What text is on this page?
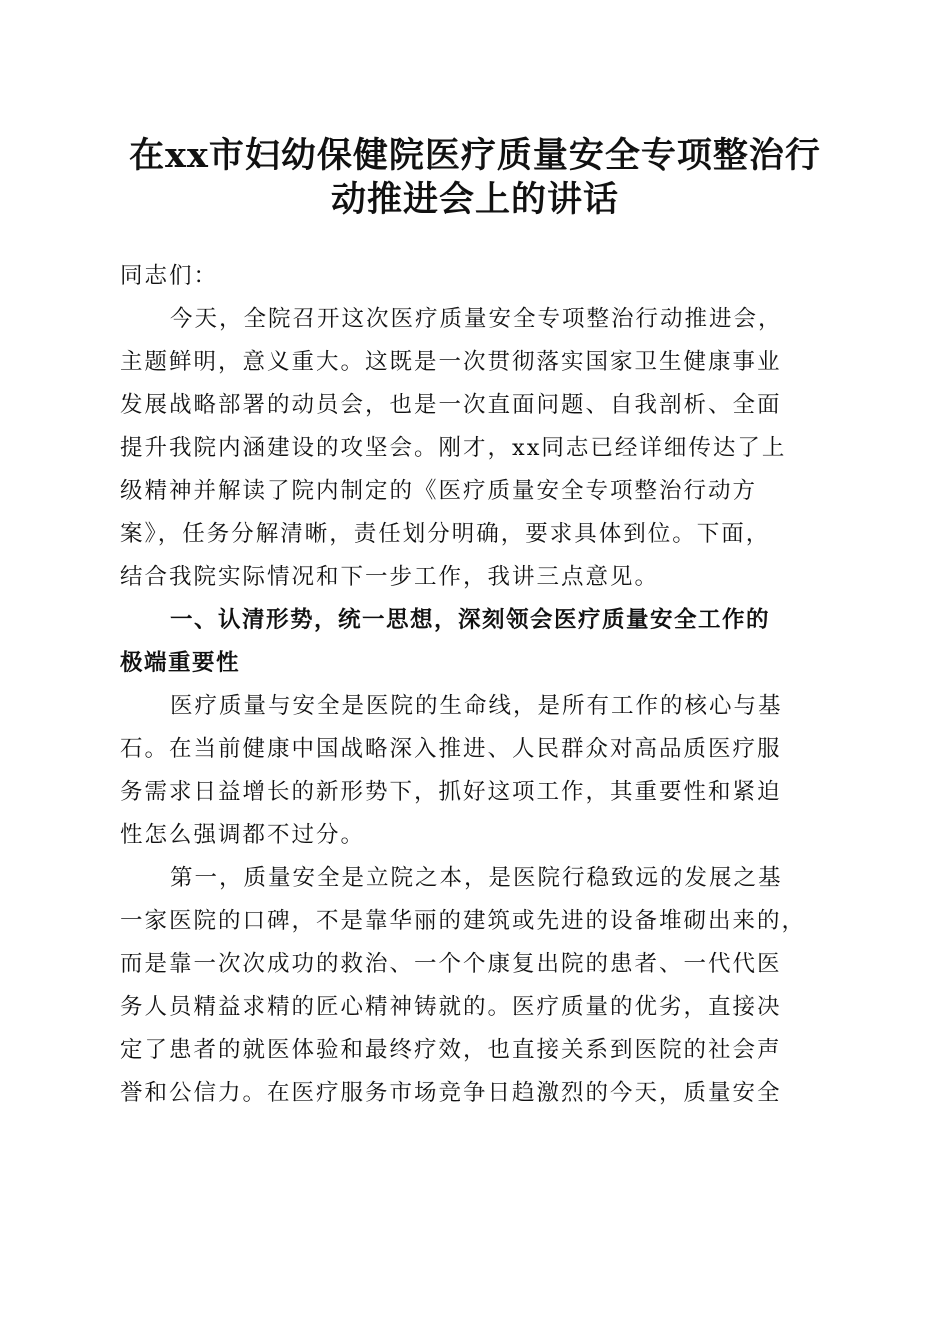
在xx市妇幼保健院医疗质量安全专项整治行
动推进会上的讲话
同志们：
今天，全院召开这次医疗质量安全专项整治行动推进会，
主题鲜明，意义重大。这既是一次贯彻落实国家卫生健康事业
发展战略部署的动员会，也是一次直面问题、自我剖析、全面
提升我院内涵建设的攻坚会。刚才，xx同志已经详细传达了上
级精神并解读了院内制定的《医疗质量安全专项整治行动方
案》，任务分解清晰，责任划分明确，要求具体到位。下面，
结合我院实际情况和下一步工作，我讲三点意见。
一、认清形势，统一思想，深刻领会医疗质量安全工作的
极端重要性
医疗质量与安全是医院的生命线，是所有工作的核心与基
石。在当前健康中国战略深入推进、人民群众对高品质医疗服
务需求日益增长的新形势下，抓好这项工作，其重要性和紧迫
性怎么强调都不过分。
第一，质量安全是立院之本，是医院行稳致远的发展之基
一家医院的口碑，不是靠华丽的建筑或先进的设备堆砌出来的，
而是靠一次次成功的救治、一个个康复出院的患者、一代代医
务人员精益求精的匠心精神铸就的。医疗质量的优劣，直接决
定了患者的就医体验和最终疗效，也直接关系到医院的社会声
誉和公信力。在医疗服务市场竞争日趋激烈的今天，质量安全
